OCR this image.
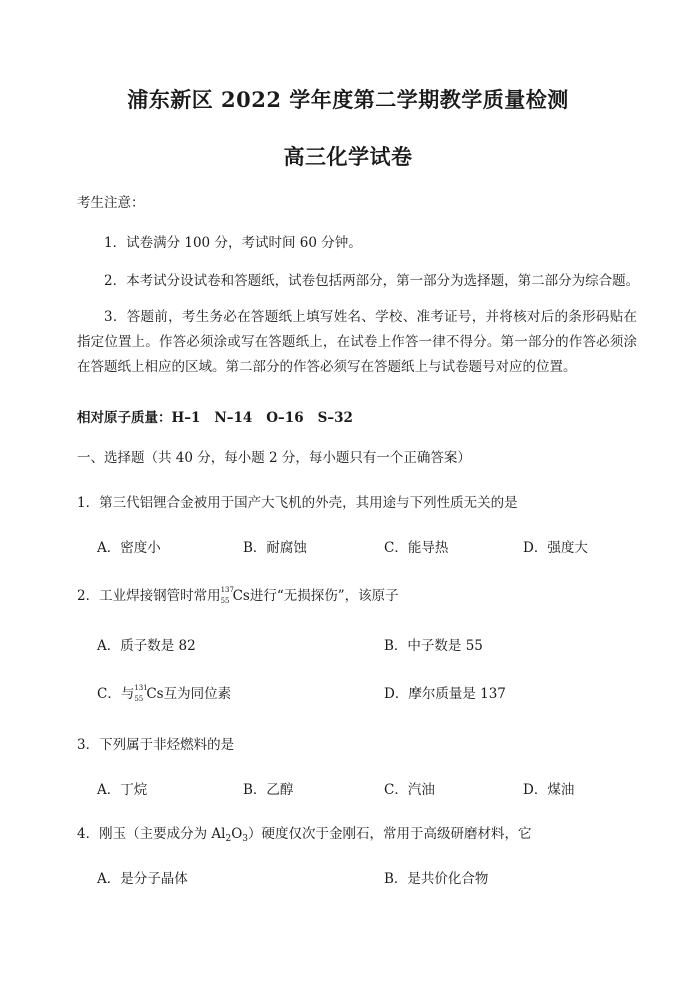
浦东新区 2022 学年度第二学期教学质量检测
高三化学试卷
考生注意：
1．试卷满分 100 分，考试时间 60 分钟。
2．本考试分设试卷和答题纸，试卷包括两部分，第一部分为选择题，第二部分为综合题。

3．答题前，考生务必在答题纸上填写姓名、学校、准考证号，并将核对后的条形码贴在指定位置上。作答必须涂或写在答题纸上，在试卷上作答一律不得分。第一部分的作答必须涂在答题纸上相应的区域。第二部分的作答必须写在答题纸上与试卷题号对应的位置。

相对原子质量：H–1 N–14 O–16 S–32
一、选择题（共 40 分，每小题 2 分，每小题只有一个正确答案）
1．第三代铝锂合金被用于国产大飞机的外壳，其用途与下列性质无关的是
A．密度小	B．耐腐蚀	C．能导热	D．强度大
2．工业焊接钢管时常用 137
55 Cs进行“无损探伤”，该原子
A．质子数是 82	B．中子数是 55
C．与 131
55 Cs互为同位素	D．摩尔质量是 137
3．下列属于非烃燃料的是
A．丁烷	B．乙醇	C．汽油	D．煤油
4．刚玉（主要成分为 $Al_2O_3$）硬度仅次于金刚石，常用于高级研磨材料，它
A．是分子晶体	B．是共价化合物
